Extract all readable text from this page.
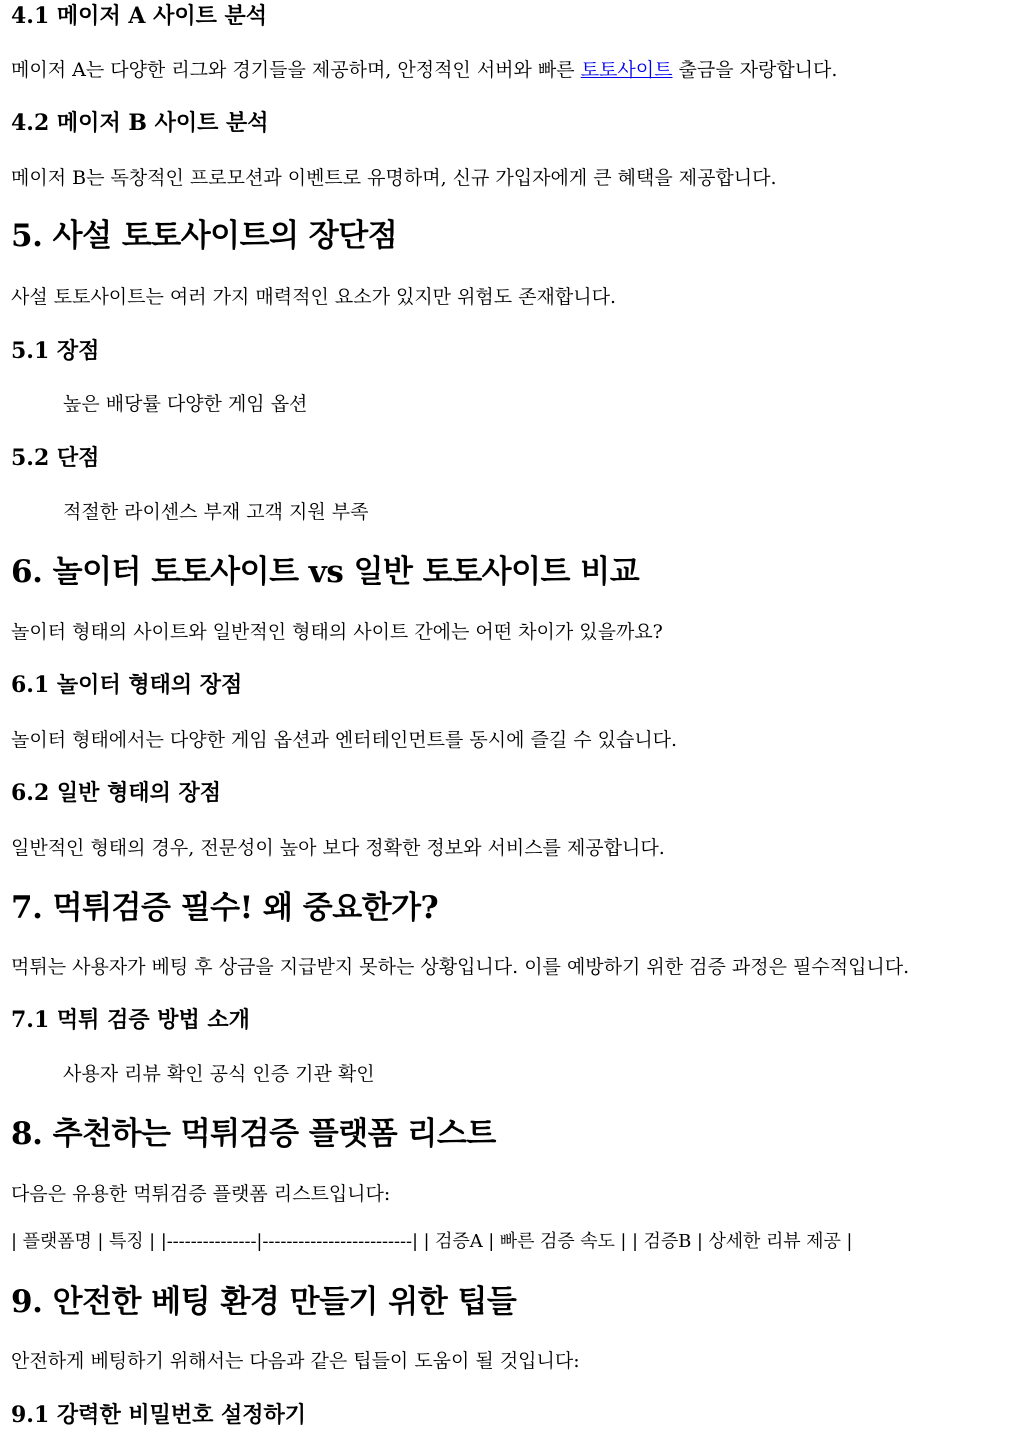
4.1 메이저 A 사이트 분석

메이저 A는 다양한 리그와 경기들을 제공하며, 안정적인 서버와 빠른 토토사이트 출금을 자랑합니다.

4.2 메이저 B 사이트 분석

메이저 B는 독창적인 프로모션과 이벤트로 유명하며, 신규 가입자에게 큰 혜택을 제공합니다.

5. 사설 토토사이트의 장단점

사설 토토사이트는 여러 가지 매력적인 요소가 있지만 위험도 존재합니다.

5.1 장점
높은 배당률 다양한 게임 옵션
5.2 단점
적절한 라이센스 부재 고객 지원 부족
6. 놀이터 토토사이트 vs 일반 토토사이트 비교

놀이터 형태의 사이트와 일반적인 형태의 사이트 간에는 어떤 차이가 있을까요?

6.1 놀이터 형태의 장점

놀이터 형태에서는 다양한 게임 옵션과 엔터테인먼트를 동시에 즐길 수 있습니다.

6.2 일반 형태의 장점

일반적인 형태의 경우, 전문성이 높아 보다 정확한 정보와 서비스를 제공합니다.

7. 먹튀검증 필수! 왜 중요한가?

먹튀는 사용자가 베팅 후 상금을 지급받지 못하는 상황입니다. 이를 예방하기 위한 검증 과정은 필수적입니다.

7.1 먹튀 검증 방법 소개
사용자 리뷰 확인 공식 인증 기관 확인
8. 추천하는 먹튀검증 플랫폼 리스트

다음은 유용한 먹튀검증 플랫폼 리스트입니다:

| 플랫폼명 | 특징 | |---------------|-------------------------| | 검증A | 빠른 검증 속도 | | 검증B | 상세한 리뷰 제공 |

9. 안전한 베팅 환경 만들기 위한 팁들

안전하게 베팅하기 위해서는 다음과 같은 팁들이 도움이 될 것입니다:

9.1 강력한 비밀번호 설정하기
